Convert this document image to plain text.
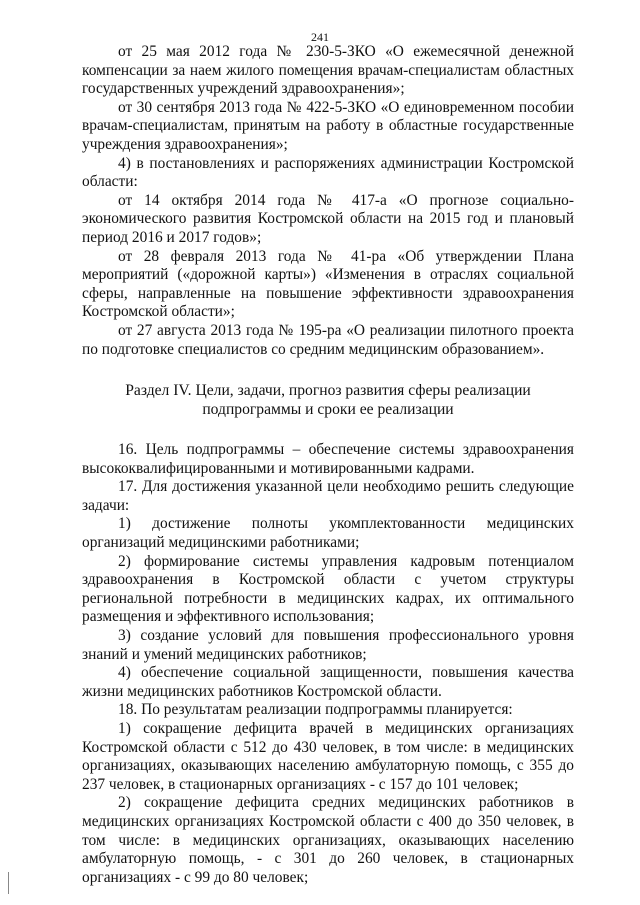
241

от 25 мая 2012 года № 230-5-ЗКО «О ежемесячной денежной компенсации за наем жилого помещения врачам-специалистам областных государственных учреждений здравоохранения»;

от 30 сентября 2013 года № 422-5-ЗКО «О единовременном пособии врачам-специалистам, принятым на работу в областные государственные учреждения здравоохранения»;

4) в постановлениях и распоряжениях администрации Костромской области:

от 14 октября 2014 года № 417-а «О прогнозе социально-экономического развития Костромской области на 2015 год и плановый период 2016 и 2017 годов»;

от 28 февраля 2013 года № 41-ра «Об утверждении Плана мероприятий («дорожной карты») «Изменения в отраслях социальной сферы, направленные на повышение эффективности здравоохранения Костромской области»;

от 27 августа 2013 года № 195-ра «О реализации пилотного проекта по подготовке специалистов со средним медицинским образованием».

Раздел IV. Цели, задачи, прогноз развития сферы реализации
подпрограммы и сроки ее реализации

16. Цель подпрограммы – обеспечение системы здравоохранения высококвалифицированными и мотивированными кадрами.

17. Для достижения указанной цели необходимо решить следующие задачи:

1) достижение полноты укомплектованности медицинских организаций медицинскими работниками;

2) формирование системы управления кадровым потенциалом здравоохранения в Костромской области с учетом структуры региональной потребности в медицинских кадрах, их оптимального размещения и эффективного использования;

3) создание условий для повышения профессионального уровня знаний и умений медицинских работников;

4) обеспечение социальной защищенности, повышения качества жизни медицинских работников Костромской области.

18. По результатам реализации подпрограммы планируется:

1) сокращение дефицита врачей в медицинских организациях Костромской области с 512 до 430 человек, в том числе: в медицинских организациях, оказывающих населению амбулаторную помощь, с 355 до 237 человек, в стационарных организациях - с 157 до 101 человек;

2) сокращение дефицита средних медицинских работников в медицинских организациях Костромской области с 400 до 350 человек, в том числе: в медицинских организациях, оказывающих населению амбулаторную помощь, - с 301 до 260 человек, в стационарных организациях - с 99 до 80 человек;
